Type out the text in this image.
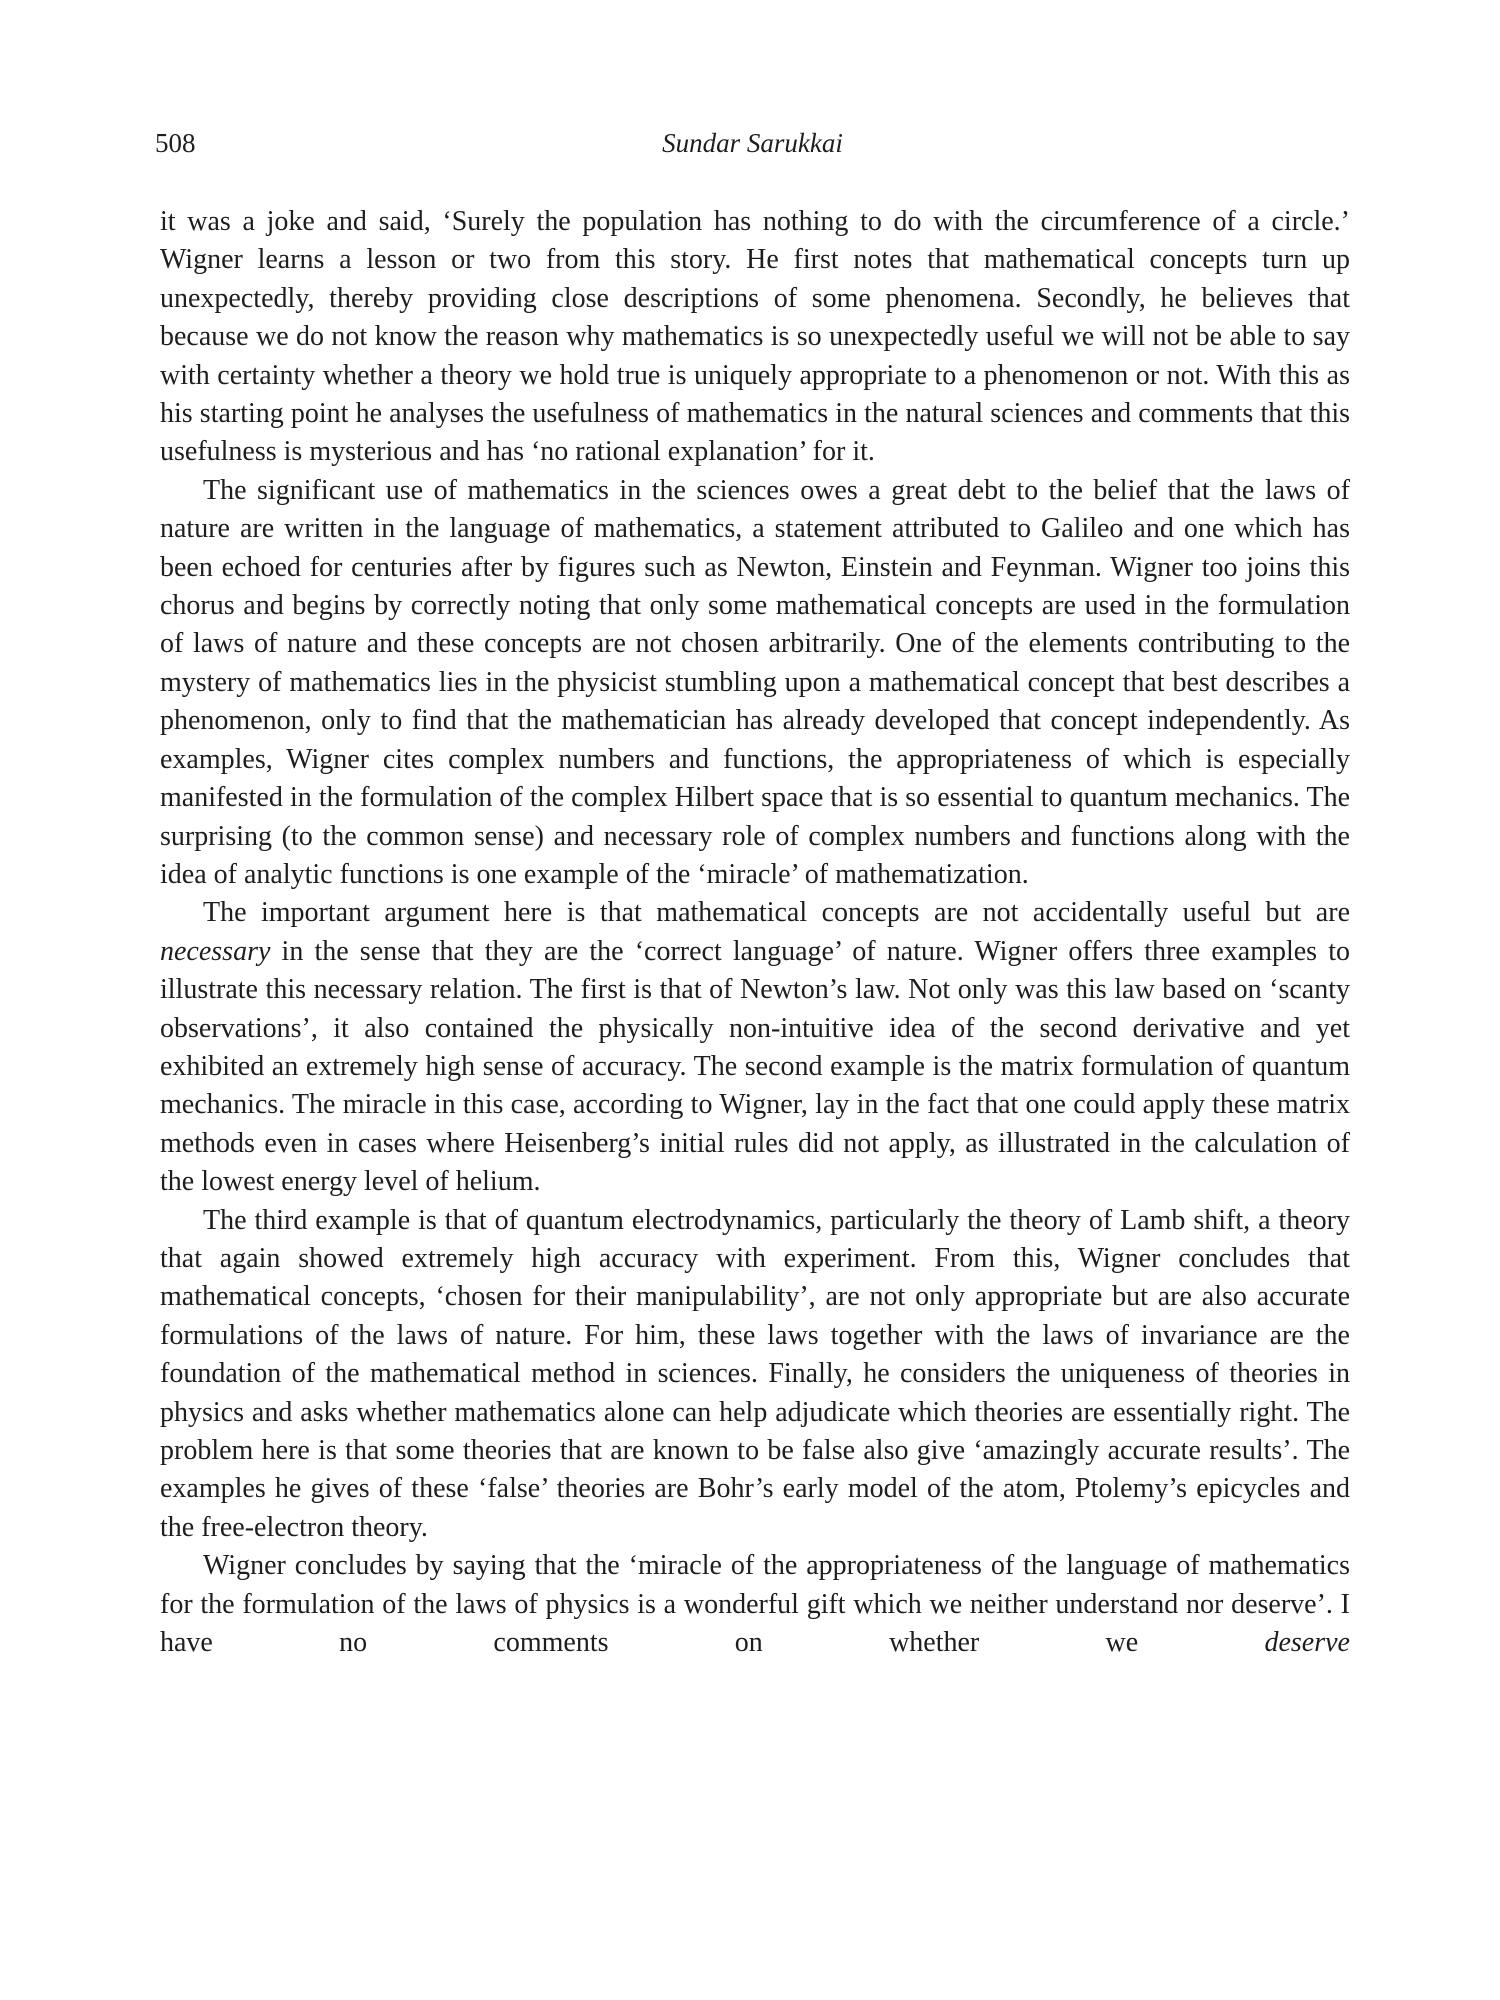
508	Sundar Sarukkai

it was a joke and said, ‘Surely the population has nothing to do with the circumference of a circle.’ Wigner learns a lesson or two from this story. He first notes that mathematical concepts turn up unexpectedly, thereby providing close descriptions of some phenomena. Secondly, he believes that because we do not know the reason why mathematics is so unexpectedly useful we will not be able to say with certainty whether a theory we hold true is uniquely appropriate to a phenomenon or not. With this as his starting point he analyses the usefulness of mathematics in the natural sciences and comments that this usefulness is mysterious and has ‘no rational explanation’ for it.

The significant use of mathematics in the sciences owes a great debt to the belief that the laws of nature are written in the language of mathematics, a statement attributed to Galileo and one which has been echoed for centuries after by figures such as Newton, Einstein and Feynman. Wigner too joins this chorus and begins by correctly noting that only some mathematical concepts are used in the formulation of laws of nature and these concepts are not chosen arbitrarily. One of the elements contributing to the mystery of mathematics lies in the physicist stumbling upon a mathematical concept that best describes a phenomenon, only to find that the mathematician has already developed that concept independently. As examples, Wigner cites complex numbers and functions, the appropriateness of which is especially manifested in the formulation of the complex Hilbert space that is so essential to quantum mechanics. The surprising (to the common sense) and necessary role of complex numbers and functions along with the idea of analytic functions is one example of the ‘miracle’ of mathematization.

The important argument here is that mathematical concepts are not accidentally useful but are necessary in the sense that they are the ‘correct language’ of nature. Wigner offers three examples to illustrate this necessary relation. The first is that of Newton’s law. Not only was this law based on ‘scanty observations’, it also contained the physically non-intuitive idea of the second derivative and yet exhibited an extremely high sense of accuracy. The second example is the matrix formulation of quantum mechanics. The miracle in this case, according to Wigner, lay in the fact that one could apply these matrix methods even in cases where Heisenberg’s initial rules did not apply, as illustrated in the calculation of the lowest energy level of helium.

The third example is that of quantum electrodynamics, particularly the theory of Lamb shift, a theory that again showed extremely high accuracy with experiment. From this, Wigner concludes that mathematical concepts, ‘chosen for their manipulability’, are not only appropriate but are also accurate formulations of the laws of nature. For him, these laws together with the laws of invariance are the foundation of the mathematical method in sciences. Finally, he considers the uniqueness of theories in physics and asks whether mathematics alone can help adjudicate which theories are essentially right. The problem here is that some theories that are known to be false also give ‘amazingly accurate results’. The examples he gives of these ‘false’ theories are Bohr’s early model of the atom, Ptolemy’s epicycles and the free-electron theory.

Wigner concludes by saying that the ‘miracle of the appropriateness of the language of mathematics for the formulation of the laws of physics is a wonderful gift which we neither understand nor deserve’. I have no comments on whether we deserve
